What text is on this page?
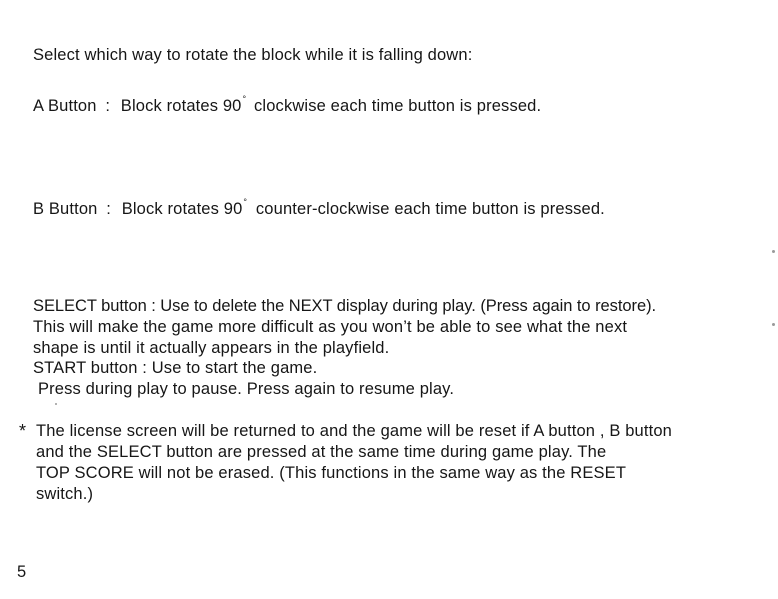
Select which way to rotate the block while it is falling down:
A Button : Block rotates 90° clockwise each time button is pressed.
B Button : Block rotates 90° counter-clockwise each time button is pressed.
SELECT button : Use to delete the NEXT display during play. (Press again to restore).
This will make the game more difficult as you won’t be able to see what the next
shape is until it actually appears in the playfield.
START button : Use to start the game.
Press during play to pause. Press again to resume play.
* The license screen will be returned to and the game will be reset if A button , B button
and the SELECT button are pressed at the same time during game play. The
TOP SCORE will not be erased. (This functions in the same way as the RESET
switch.)
5
